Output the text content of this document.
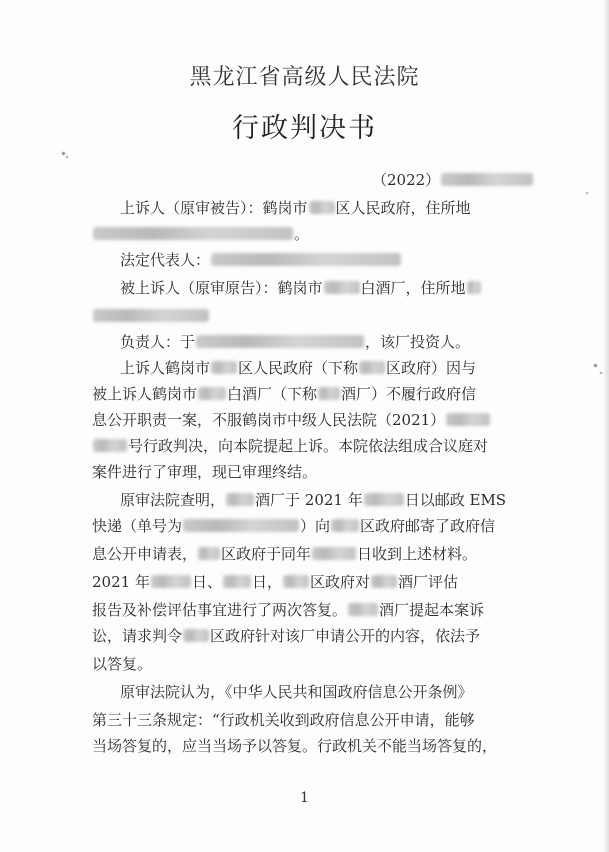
黑龙江省高级人民法院
行政判决书
（2022）
上诉人（原审被告）：鹤岗市 区人民政府，住所地
。
法定代表人：
被上诉人（原审原告）：鹤岗市	白酒厂，住所地
负责人：于	，该厂投资人。
上诉人鹤岗市 区人民政府（下称 区政府）因与
被上诉人鹤岗市 白酒厂（下称 酒厂）不履行政府信
息公开职责一案，不服鹤岗市中级人民法院（2021）
号行政判决，向本院提起上诉。本院依法组成合议庭对
案件进行了审理，现已审理终结。
原审法院查明， 酒厂于 2021 年	日以邮政 EMS
快递（单号为	）向 区政府邮寄了政府信
息公开申请表， 区政府于同年	日收到上述材料。
2021 年	日、 日， 区政府对 酒厂评估
报告及补偿评估事宜进行了两次答复。 酒厂提起本案诉
讼，请求判令 区政府针对该厂申请公开的内容，依法予
以答复。
原审法院认为，《中华人民共和国政府信息公开条例》
第三十三条规定：“行政机关收到政府信息公开申请，能够
当场答复的，应当当场予以答复。行政机关不能当场答复的，
1
